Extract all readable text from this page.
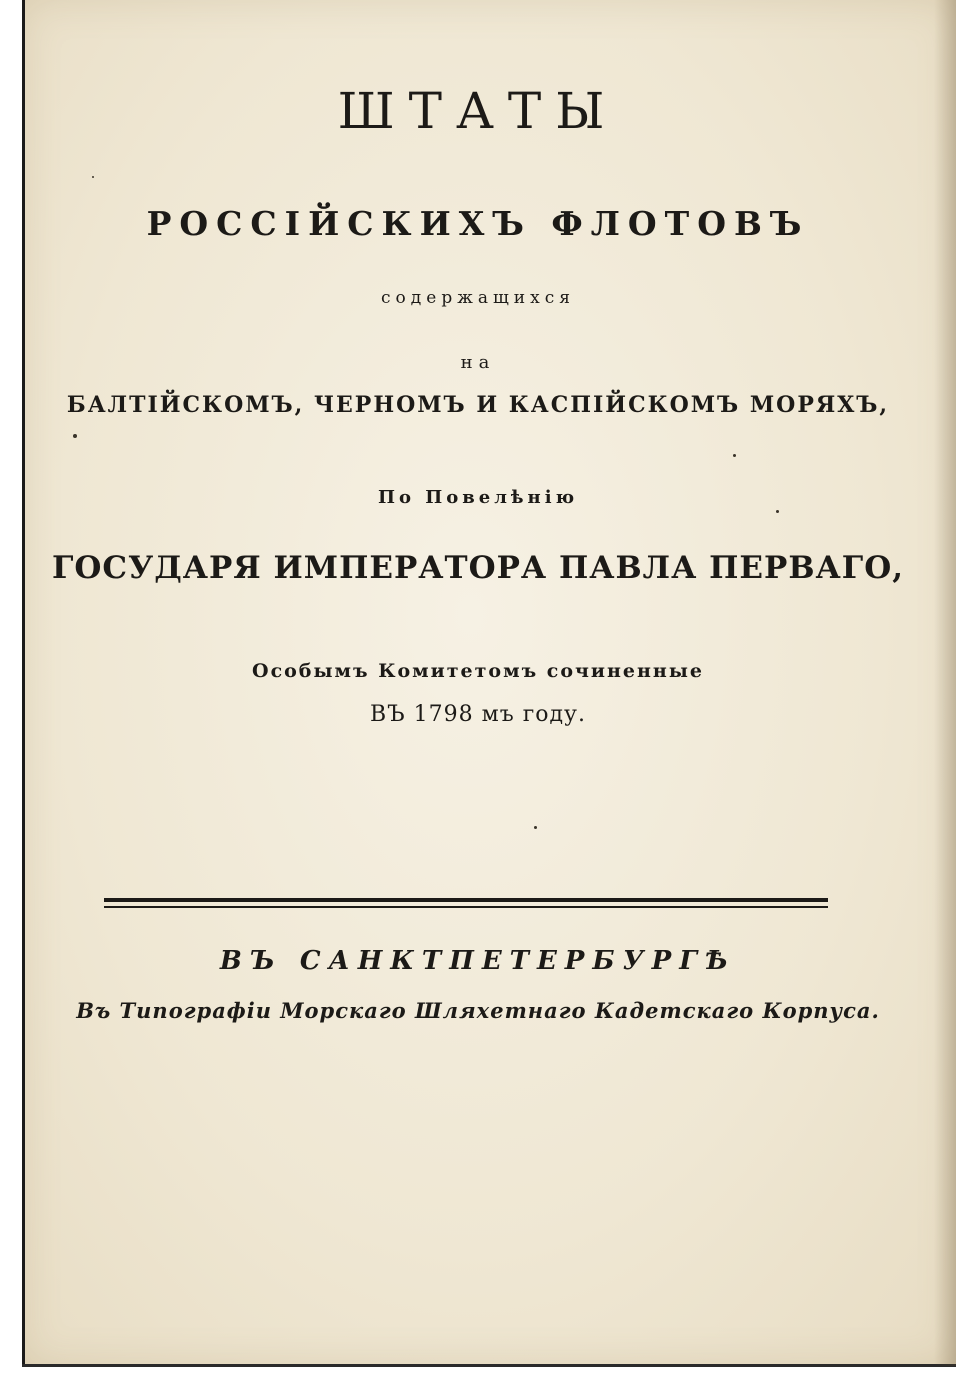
ШТАТЫ
РОССІЙСКИХЪ ФЛОТОВЪ
содержащихся
на
БАЛТІЙСКОМЪ, ЧЕРНОМЪ И КАСПІЙСКОМЪ МОРЯХЪ,
По Повелѣнію
ГОСУДАРЯ ИМПЕРАТОРА ПАВЛА ПЕРВАГО,
Особымъ Комитетомъ сочиненные
ВЪ 1798 мъ году.
ВЪ САНКТПЕТЕРБУРГѢ
Въ Типографіи Морскаго Шляхетнаго Кадетскаго Корпуса.
